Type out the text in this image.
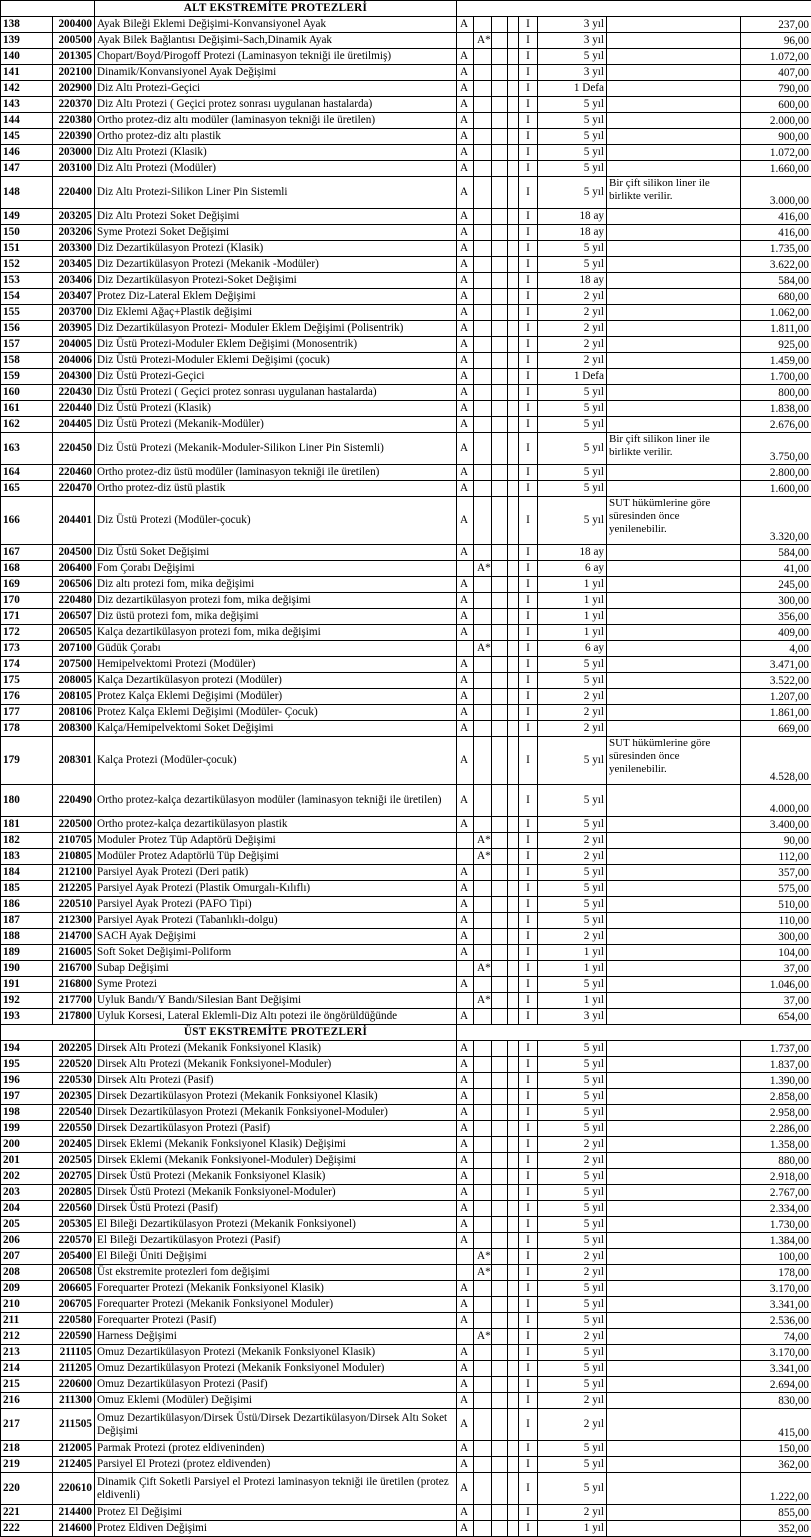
		ALT EKSTREMİTE PROTEZLERİ								
138	200400	Ayak Bileği Eklemi Değişimi-Konvansiyonel Ayak	A				I	3 yıl		237,00
139	200500	Ayak Bilek Bağlantısı Değişimi-Sach,Dinamik Ayak		A*			I	3 yıl		96,00
140	201305	Chopart/Boyd/Pirogoff Protezi (Laminasyon tekniği ile üretilmiş)	A				I	5 yıl		1.072,00
141	202100	Dinamik/Konvansiyonel Ayak Değişimi	A				I	3 yıl		407,00
142	202900	Diz Altı Protezi-Geçici	A				I	1 Defa		790,00
143	220370	Diz Altı Protezi ( Geçici protez sonrası uygulanan hastalarda)	A				I	5 yıl		600,00
144	220380	Ortho protez-diz altı modüler (laminasyon tekniği ile üretilen)	A				I	5 yıl		2.000,00
145	220390	Ortho protez-diz altı plastik	A				I	5 yıl		900,00
146	203000	Diz Altı Protezi (Klasik)	A				I	5 yıl		1.072,00
147	203100	Diz Altı Protezi (Modüler)	A				I	5 yıl		1.660,00
148	220400	Diz Altı Protezi-Silikon Liner Pin Sistemli	A				I	5 yıl	Bir çift silikon liner ile birlikte verilir.	3.000,00
149	203205	Diz Altı Protezi Soket Değişimi	A				I	18 ay		416,00
150	203206	Syme Protezi Soket Değişimi	A				I	18 ay		416,00
151	203300	Diz Dezartikülasyon Protezi (Klasik)	A				I	5 yıl		1.735,00
152	203405	Diz Dezartikülasyon Protezi (Mekanik -Modüler)	A				I	5 yıl		3.622,00
153	203406	Diz Dezartikülasyon Protezi-Soket Değişimi	A				I	18 ay		584,00
154	203407	Protez Diz-Lateral Eklem Değişimi	A				I	2 yıl		680,00
155	203700	Diz Eklemi Ağaç+Plastik değişimi	A				I	2 yıl		1.062,00
156	203905	Diz Dezartikülasyon Protezi- Moduler Eklem Değişimi (Polisentrik)	A				I	2 yıl		1.811,00
157	204005	Diz Üstü Protezi-Moduler Eklem Değişimi (Monosentrik)	A				I	2 yıl		925,00
158	204006	Diz Üstü Protezi-Moduler Eklemi Değişimi (çocuk)	A				I	2 yıl		1.459,00
159	204300	Diz Üstü Protezi-Geçici	A				I	1 Defa		1.700,00
160	220430	Diz Üstü Protezi ( Geçici protez sonrası uygulanan hastalarda)	A				I	5 yıl		800,00
161	220440	Diz Üstü Protezi (Klasik)	A				I	5 yıl		1.838,00
162	204405	Diz Üstü Protezi (Mekanik-Modüler)	A				I	5 yıl		2.676,00
163	220450	Diz Üstü Protezi (Mekanik-Moduler-Silikon Liner Pin Sistemli)	A				I	5 yıl	Bir çift silikon liner ile birlikte verilir.	3.750,00
164	220460	Ortho protez-diz üstü modüler (laminasyon tekniği ile üretilen)	A				I	5 yıl		2.800,00
165	220470	Ortho protez-diz üstü plastik	A				I	5 yıl		1.600,00
166	204401	Diz Üstü Protezi (Modüler-çocuk)	A				I	5 yıl	SUT hükümlerine göre süresinden önce yenilenebilir.	3.320,00
167	204500	Diz Üstü Soket Değişimi	A				I	18 ay		584,00
168	206400	Fom Çorabı Değişimi		A*			I	6 ay		41,00
169	206506	Diz altı protezi fom, mika değişimi	A				I	1 yıl		245,00
170	220480	Diz dezartikülasyon protezi fom, mika değişimi	A				I	1 yıl		300,00
171	206507	Diz üstü protezi fom, mika değişimi	A				I	1 yıl		356,00
172	206505	Kalça dezartikülasyon protezi fom, mika değişimi	A				I	1 yıl		409,00
173	207100	Güdük Çorabı		A*			I	6 ay		4,00
174	207500	Hemipelvektomi Protezi (Modüler)	A				I	5 yıl		3.471,00
175	208005	Kalça Dezartikülasyon protezi (Modüler)	A				I	5 yıl		3.522,00
176	208105	Protez Kalça Eklemi Değişimi (Modüler)	A				I	2 yıl		1.207,00
177	208106	Protez Kalça Eklemi Değişimi (Modüler- Çocuk)	A				I	2 yıl		1.861,00
178	208300	Kalça/Hemipelvektomi Soket Değişimi	A				I	2 yıl		669,00
179	208301	Kalça Protezi (Modüler-çocuk)	A				I	5 yıl	SUT hükümlerine göre süresinden önce yenilenebilir.	4.528,00
180	220490	Ortho protez-kalça dezartikülasyon modüler (laminasyon tekniği ile üretilen)	A				I	5 yıl		4.000,00
181	220500	Ortho protez-kalça dezartikülasyon plastik	A				I	5 yıl		3.400,00
182	210705	Moduler Protez Tüp Adaptörü Değişimi		A*			I	2 yıl		90,00
183	210805	Modüler Protez Adaptörlü Tüp Değişimi		A*			I	2 yıl		112,00
184	212100	Parsiyel Ayak Protezi (Deri patik)	A				I	5 yıl		357,00
185	212205	Parsiyel Ayak Protezi (Plastik Omurgalı-Kılıflı)	A				I	5 yıl		575,00
186	220510	Parsiyel Ayak Protezi (PAFO Tipi)	A				I	5 yıl		510,00
187	212300	Parsiyel Ayak Protezi (Tabanlıklı-dolgu)	A				I	5 yıl		110,00
188	214700	SACH Ayak Değişimi	A				I	2 yıl		300,00
189	216005	Soft Soket Değişimi-Poliform	A				I	1 yıl		104,00
190	216700	Subap Değişimi		A*			I	1 yıl		37,00
191	216800	Syme Protezi	A				I	5 yıl		1.046,00
192	217700	Uyluk Bandı/Y Bandı/Silesian Bant Değişimi		A*			I	1 yıl		37,00
193	217800	Uyluk Korsesi, Lateral Eklemli-Diz Altı potezi ile öngörüldüğünde	A				I	3 yıl		654,00
		ÜST EKSTREMİTE PROTEZLERİ								
194	202205	Dirsek Altı Protezi (Mekanik Fonksiyonel Klasik)	A				I	5 yıl		1.737,00
195	220520	Dirsek Altı Protezi (Mekanik Fonksiyonel-Moduler)	A				I	5 yıl		1.837,00
196	220530	Dirsek Altı Protezi (Pasif)	A				I	5 yıl		1.390,00
197	202305	Dirsek Dezartikülasyon Protezi (Mekanik Fonksiyonel Klasik)	A				I	5 yıl		2.858,00
198	220540	Dirsek Dezartikülasyon Protezi (Mekanik Fonksiyonel-Moduler)	A				I	5 yıl		2.958,00
199	220550	Dirsek Dezartikülasyon Protezi (Pasif)	A				I	5 yıl		2.286,00
200	202405	Dirsek Eklemi (Mekanik Fonksiyonel Klasik) Değişimi	A				I	2 yıl		1.358,00
201	202505	Dirsek Eklemi (Mekanik Fonksiyonel-Moduler) Değişimi	A				I	2 yıl		880,00
202	202705	Dirsek Üstü Protezi (Mekanik Fonksiyonel Klasik)	A				I	5 yıl		2.918,00
203	202805	Dirsek Üstü Protezi (Mekanik Fonksiyonel-Moduler)	A				I	5 yıl		2.767,00
204	220560	Dirsek Üstü Protezi (Pasif)	A				I	5 yıl		2.334,00
205	205305	El Bileği Dezartikülasyon Protezi (Mekanik Fonksiyonel)	A				I	5 yıl		1.730,00
206	220570	El Bileği Dezartikülasyon Protezi (Pasif)	A				I	5 yıl		1.384,00
207	205400	El Bileği Üniti Değişimi		A*			I	2 yıl		100,00
208	206508	Üst ekstremite protezleri fom değişimi		A*			I	2 yıl		178,00
209	206605	Forequarter Protezi (Mekanik Fonksiyonel Klasik)	A				I	5 yıl		3.170,00
210	206705	Forequarter Protezi (Mekanik Fonksiyonel Moduler)	A				I	5 yıl		3.341,00
211	220580	Forequarter Protezi (Pasif)	A				I	5 yıl		2.536,00
212	220590	Harness Değişimi		A*			I	2 yıl		74,00
213	211105	Omuz Dezartikülasyon Protezi (Mekanik Fonksiyonel Klasik)	A				I	5 yıl		3.170,00
214	211205	Omuz Dezartikülasyon Protezi (Mekanik Fonksiyonel Moduler)	A				I	5 yıl		3.341,00
215	220600	Omuz Dezartikülasyon Protezi (Pasif)	A				I	5 yıl		2.694,00
216	211300	Omuz Eklemi (Modüler) Değişimi	A				I	2 yıl		830,00
217	211505	Omuz Dezartikülasyon/Dirsek Üstü/Dirsek Dezartikülasyon/Dirsek Altı Soket Değişimi	A				I	2 yıl		415,00
218	212005	Parmak Protezi (protez eldiveninden)	A				I	5 yıl		150,00
219	212405	Parsiyel El Protezi (protez eldivenden)	A				I	5 yıl		362,00
220	220610	Dinamik Çift Soketli Parsiyel el Protezi laminasyon tekniği ile üretilen (protez eldivenli)	A				I	5 yıl		1.222,00
221	214400	Protez El Değişimi	A				I	2 yıl		855,00
222	214600	Protez Eldiven Değişimi	A				I	1 yıl		352,00
